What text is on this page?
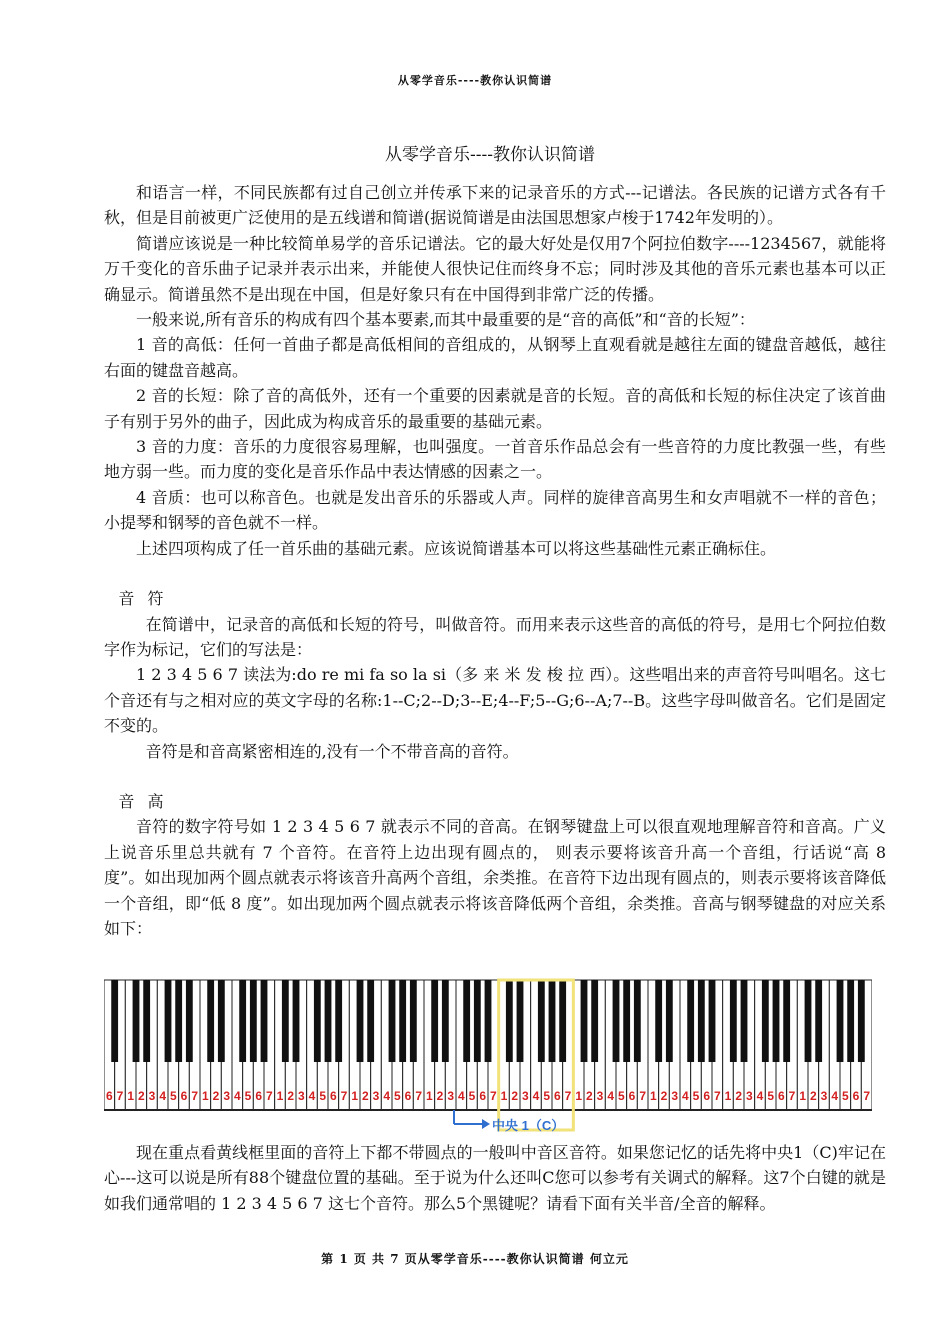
从零学音乐----教你认识简谱
从零学音乐----教你认识简谱

和语言一样，不同民族都有过自己创立并传承下来的记录音乐的方式---记谱法。各民族的记谱方式各有千秋，但是目前被更广泛使用的是五线谱和简谱(据说简谱是由法国思想家卢梭于1742年发明的）。

简谱应该说是一种比较简单易学的音乐记谱法。它的最大好处是仅用7个阿拉伯数字----1234567，就能将万千变化的音乐曲子记录并表示出来，并能使人很快记住而终身不忘；同时涉及其他的音乐元素也基本可以正确显示。简谱虽然不是出现在中国，但是好象只有在中国得到非常广泛的传播。

一般来说,所有音乐的构成有四个基本要素,而其中最重要的是“音的高低”和“音的长短”：

1 音的高低：任何一首曲子都是高低相间的音组成的，从钢琴上直观看就是越往左面的键盘音越低，越往右面的键盘音越高。

2 音的长短：除了音的高低外，还有一个重要的因素就是音的长短。音的高低和长短的标住决定了该首曲子有别于另外的曲子，因此成为构成音乐的最重要的基础元素。

3 音的力度：音乐的力度很容易理解，也叫强度。一首音乐作品总会有一些音符的力度比教强一些，有些地方弱一些。而力度的变化是音乐作品中表达情感的因素之一。

4 音质：也可以称音色。也就是发出音乐的乐器或人声。同样的旋律音高男生和女声唱就不一样的音色；小提琴和钢琴的音色就不一样。

上述四项构成了任一首乐曲的基础元素。应该说简谱基本可以将这些基础性元素正确标住。

音 符

在简谱中，记录音的高低和长短的符号，叫做音符。而用来表示这些音的高低的符号，是用七个阿拉伯数字作为标记，它们的写法是：

1 2 3 4 5 6 7 读法为:do re mi fa so la si（多 来 米 发 梭 拉 西）。这些唱出来的声音符号叫唱名。这七个音还有与之相对应的英文字母的名称:1--C;2--D;3--E;4--F;5--G;6--A;7--B。这些字母叫做音名。它们是固定不变的。

音符是和音高紧密相连的,没有一个不带音高的音符。

音 高

音符的数字符号如 1 2 3 4 5 6 7 就表示不同的音高。在钢琴键盘上可以很直观地理解音符和音高。广义上说音乐里总共就有 7 个音符。在音符上边出现有圆点的， 则表示要将该音升高一个音组，行话说“高 8 度”。如出现加两个圆点就表示将该音升高两个音组，余类推。在音符下边出现有圆点的，则表示要将该音降低一个音组，即“低 8 度”。如出现加两个圆点就表示将该音降低两个音组，余类推。音高与钢琴键盘的对应关系如下：

6 7 1 2 3 4 5 6 7 1 2 3 4 5 6 7 1 2 3 4 5 6 7 1 2 3 4 5 6 7 1 2 3 4 5 6 7 1 2 3 4 5 6 7 1 2 3 4 5 6 7 1 2 3 4 5 6 7 1 2 3 4 5 6 7 1 2 3 4 5 6 7
中央 1（C）

现在重点看黄线框里面的音符上下都不带圆点的一般叫中音区音符。如果您记忆的话先将中央1（C)牢记在心---这可以说是所有88个键盘位置的基础。至于说为什么还叫C您可以参考有关调式的解释。这7个白键的就是如我们通常唱的 1 2 3 4 5 6 7 这七个音符。那么5个黑键呢？请看下面有关半音/全音的解释。

第 1 页 共 7 页从零学音乐----教你认识简谱 何立元
